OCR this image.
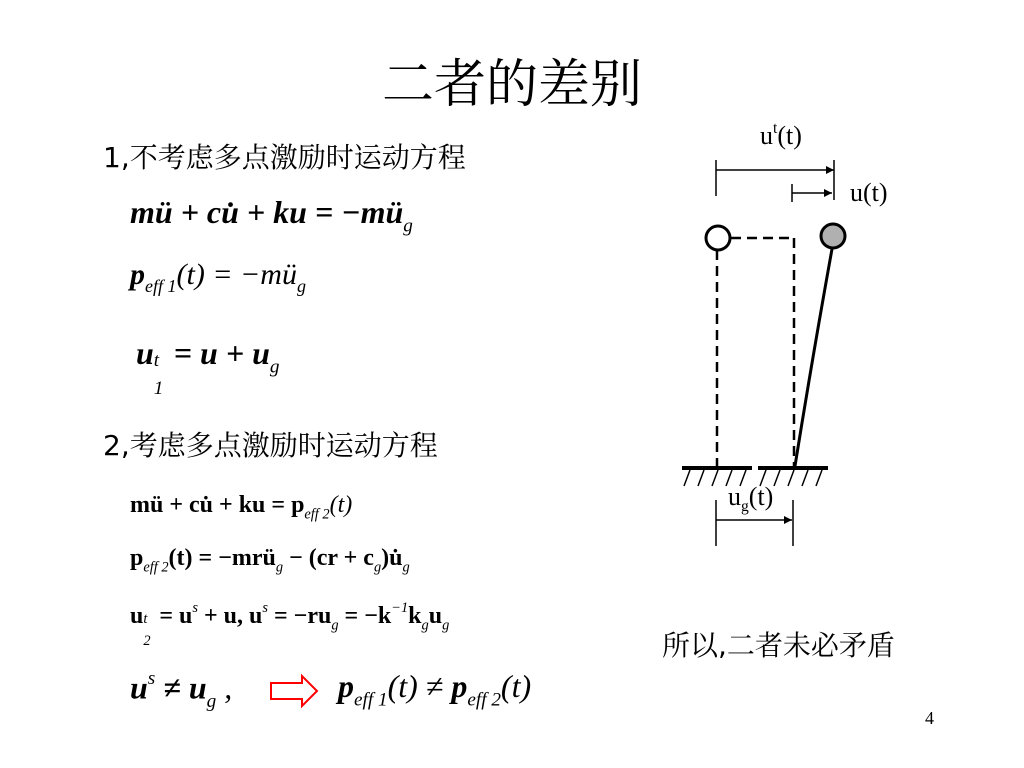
二者的差别
1,不考虑多点激励时运动方程
mü + cu̇ + ku = $-mü_g$
$p_{eff 1}(t)$ = $-mü_g$
u t
1
= $u + u_g$
2,考虑多点激励时运动方程
mü + cu̇ + ku = $p_{eff 2}(t)$
$p_{eff 2}(t)$ = −mrü$_g$ − $(cr + c_g)u̇_g$
u t
2
= $u^s + u$, $u^s = -ru_g = -k^{-1}k_gu_g$
$u^s \ne u_g$ ,	$p_{eff 1}(t) \ne p_{eff 2}(t)$
$u^t(t)$
u(t)
$u_g(t)$
所以,二者未必矛盾
4
